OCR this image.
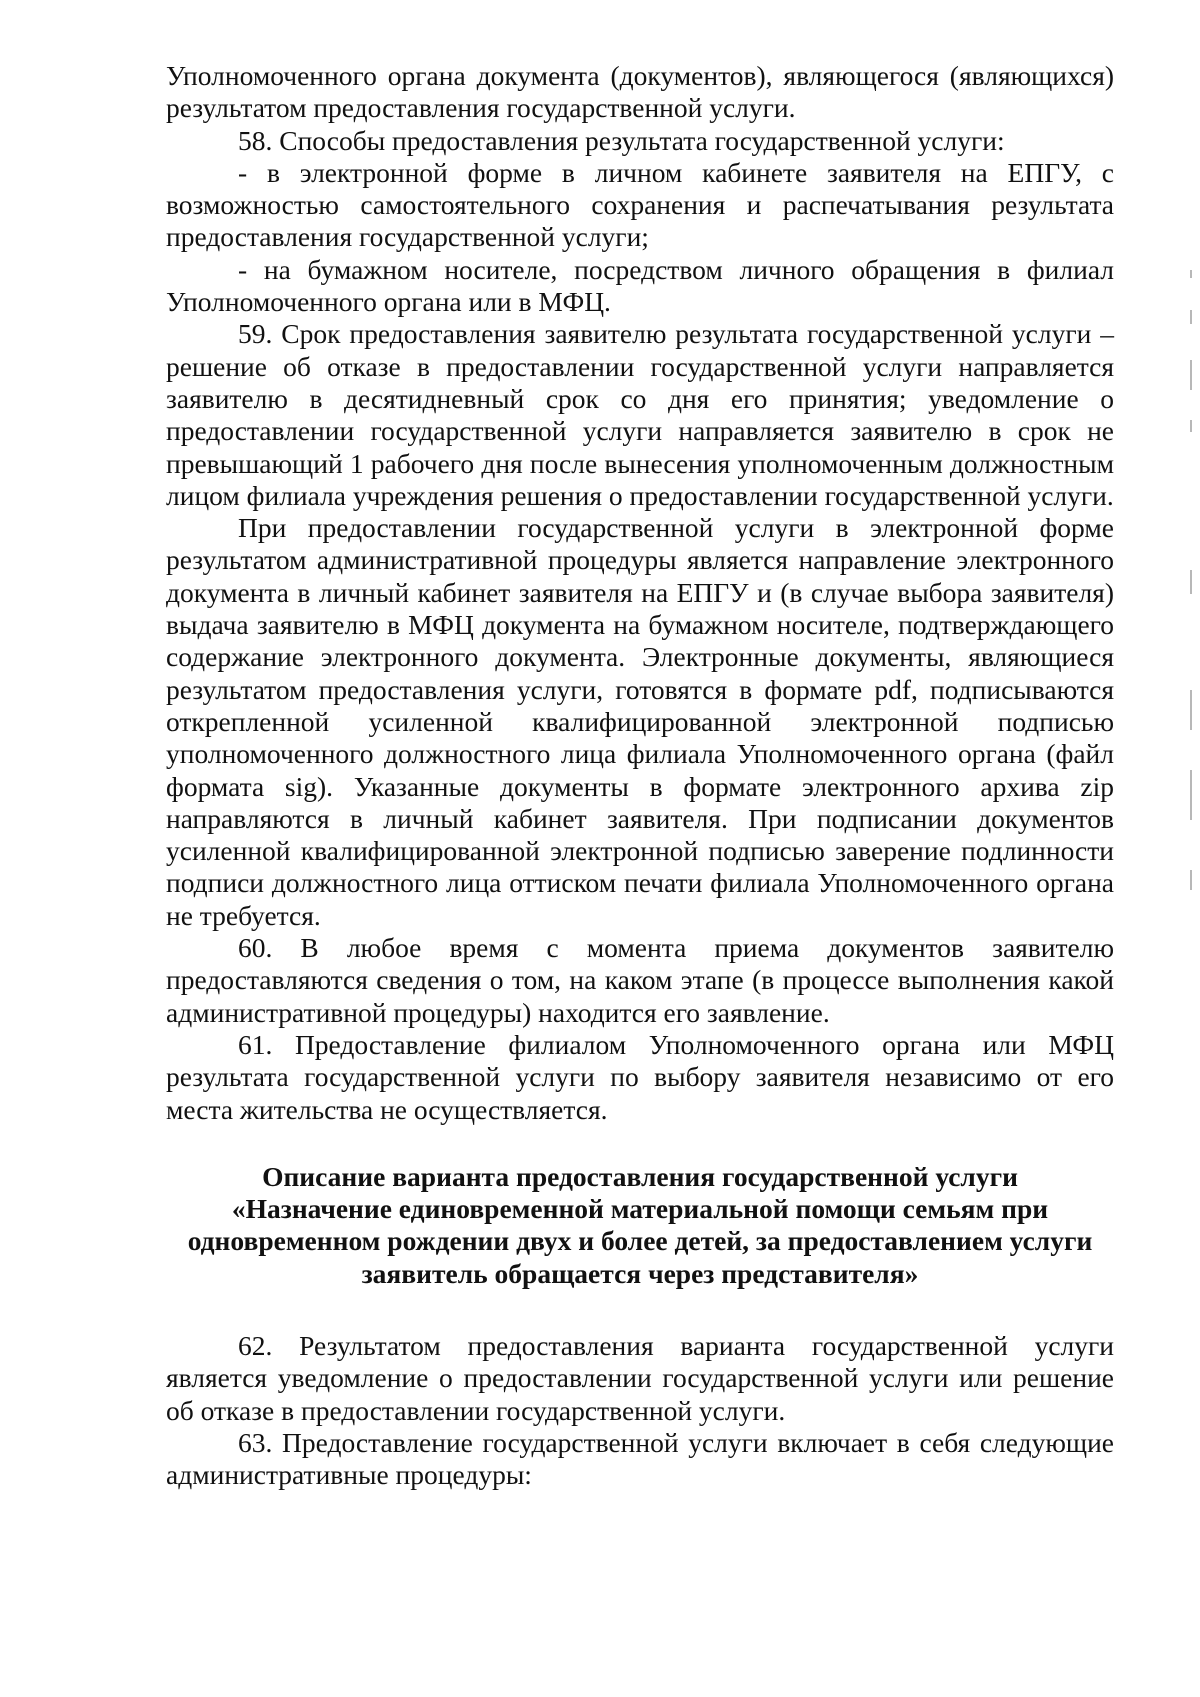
Уполномоченного органа документа (документов), являющегося (являющихся) результатом предоставления государственной услуги.

58. Способы предоставления результата государственной услуги:

- в электронной форме в личном кабинете заявителя на ЕПГУ, с возможностью самостоятельного сохранения и распечатывания результата предоставления государственной услуги;

- на бумажном носителе, посредством личного обращения в филиал Уполномоченного органа или в МФЦ.

59. Срок предоставления заявителю результата государственной услуги – решение об отказе в предоставлении государственной услуги направляется заявителю в десятидневный срок со дня его принятия; уведомление о предоставлении государственной услуги направляется заявителю в срок не превышающий 1 рабочего дня после вынесения уполномоченным должностным лицом филиала учреждения решения о предоставлении государственной услуги.

При предоставлении государственной услуги в электронной форме результатом административной процедуры является направление электронного документа в личный кабинет заявителя на ЕПГУ и (в случае выбора заявителя) выдача заявителю в МФЦ документа на бумажном носителе, подтверждающего содержание электронного документа. Электронные документы, являющиеся результатом предоставления услуги, готовятся в формате pdf, подписываются открепленной усиленной квалифицированной электронной подписью уполномоченного должностного лица филиала Уполномоченного органа (файл формата sig). Указанные документы в формате электронного архива zip направляются в личный кабинет заявителя. При подписании документов усиленной квалифицированной электронной подписью заверение подлинности подписи должностного лица оттиском печати филиала Уполномоченного органа не требуется.

60. В любое время с момента приема документов заявителю предоставляются сведения о том, на каком этапе (в процессе выполнения какой административной процедуры) находится его заявление.

61. Предоставление филиалом Уполномоченного органа или МФЦ результата государственной услуги по выбору заявителя независимо от его места жительства не осуществляется.

Описание варианта предоставления государственной услуги
«Назначение единовременной материальной помощи семьям при
одновременном рождении двух и более детей, за предоставлением услуги
заявитель обращается через представителя»

62. Результатом предоставления варианта государственной услуги является уведомление о предоставлении государственной услуги или решение об отказе в предоставлении государственной услуги.

63. Предоставление государственной услуги включает в себя следующие административные процедуры:
